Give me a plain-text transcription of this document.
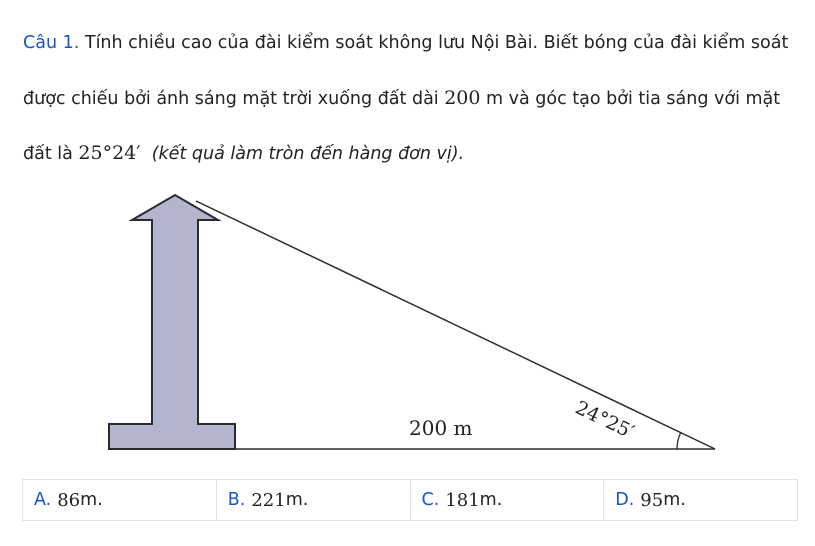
Câu 1. Tính chiều cao của đài kiểm soát không lưu Nội Bài. Biết bóng của đài kiểm soát
được chiếu bởi ánh sáng mặt trời xuống đất dài 200 m và góc tạo bởi tia sáng với mặt
đất là 25°24′ (kết quả làm tròn đến hàng đơn vị).
200 m	24°25′
A. 86 m.	B. 221 m.	C. 181 m.	D. 95 m.
